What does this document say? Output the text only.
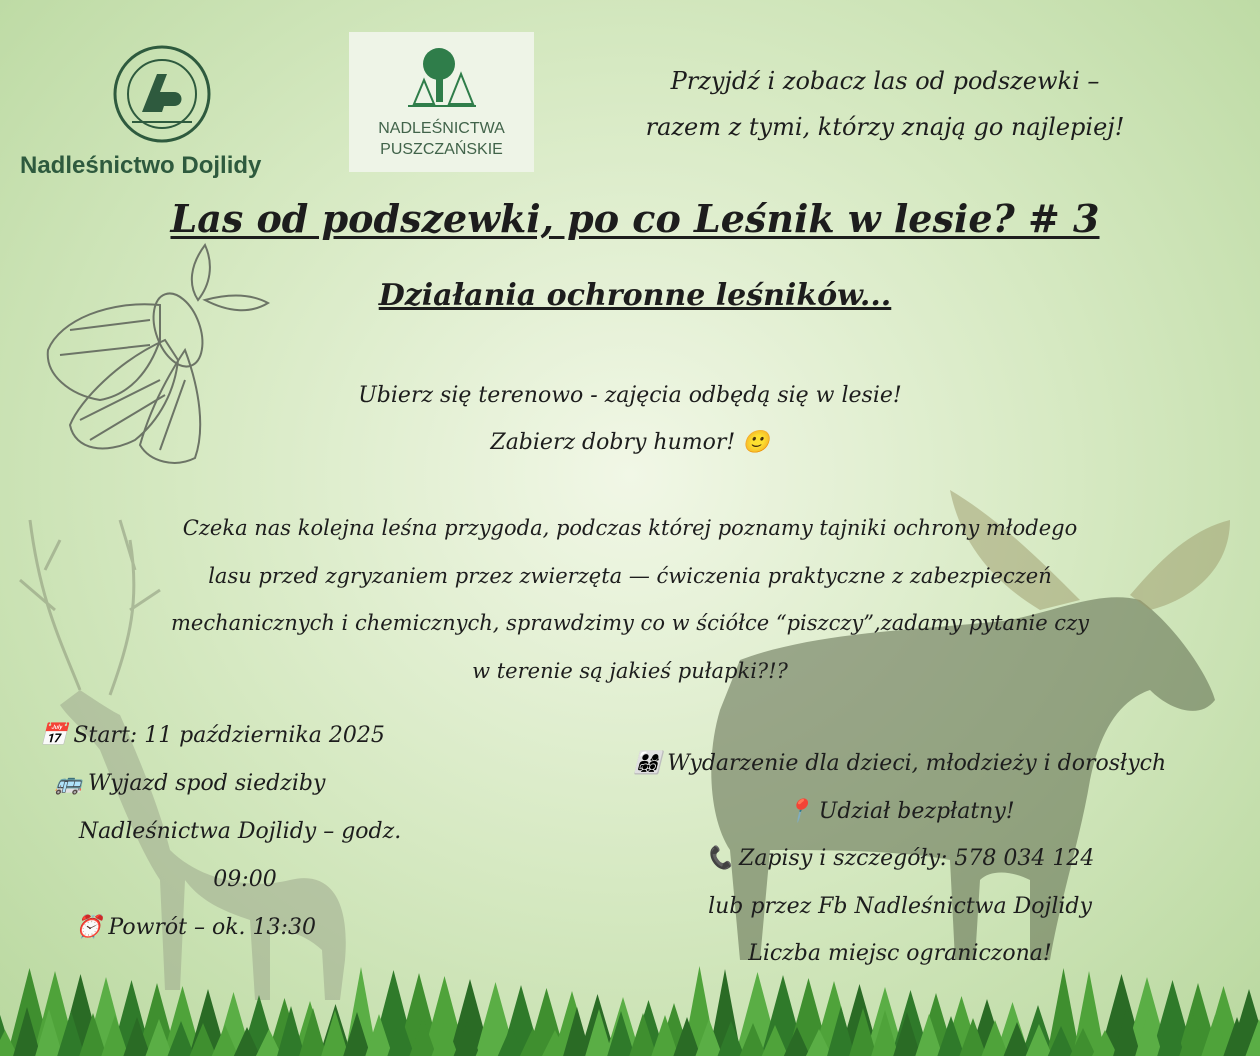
Nadleśnictwo Dojlidy
NADLEŚNICTWA
PUSZCZAŃSKIE
Przyjdź i zobacz las od podszewki –
razem z tymi, którzy znają go najlepiej!
Las od podszewki, po co Leśnik w lesie? # 3
Działania ochronne leśników...
Ubierz się terenowo - zajęcia odbędą się w lesie!
Zabierz dobry humor! 🙂
Czeka nas kolejna leśna przygoda, podczas której poznamy tajniki ochrony młodego
lasu przed zgryzaniem przez zwierzęta — ćwiczenia praktyczne z zabezpieczeń
mechanicznych i chemicznych, sprawdzimy co w ściółce “piszczy”,zadamy pytanie czy
w terenie są jakieś pułapki?!?
📅 Start: 11 października 2025
🚌 Wyjazd spod siedziby
Nadleśnictwa Dojlidy – godz.
09:00
⏰ Powrót – ok. 13:30
👨‍👩‍👧‍👦 Wydarzenie dla dzieci, młodzieży i dorosłych
📍 Udział bezpłatny!
📞 Zapisy i szczegóły: 578 034 124
lub przez Fb Nadleśnictwa Dojlidy
Liczba miejsc ograniczona!
